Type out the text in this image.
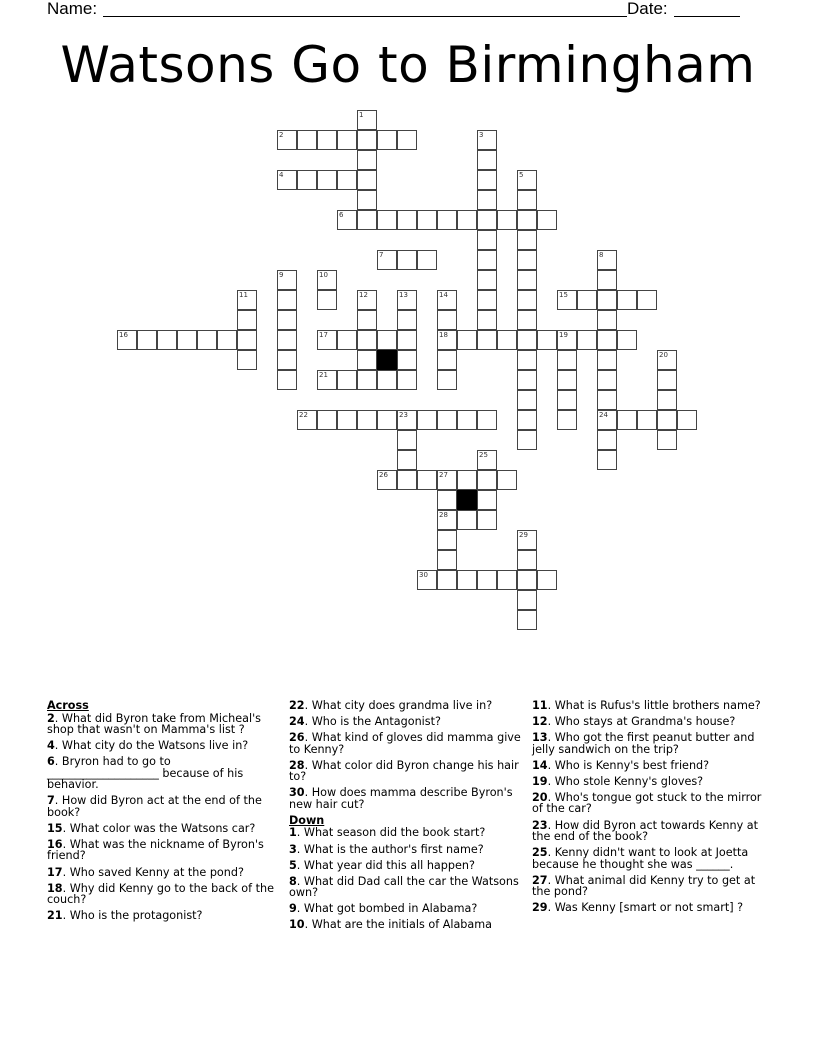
Name:	Date:
Watsons Go to Birmingham
1
2	3
4	5
6
7	8
24
9	10
11	12	13	14
18
15
16	17	19
20
21
22	23
25
26	27
28
29
30
Across
2. What did Byron take from Micheal's shop that wasn't on Mamma's list ?
4. What city do the Watsons live in?
6. Bryron had to go to ____________________ because of his behavior.
7. How did Byron act at the end of the book?
15. What color was the Watsons car?
16. What was the nickname of Byron's friend?
17. Who saved Kenny at the pond?
18. Why did Kenny go to the back of the couch?
21. Who is the protagonist?
22. What city does grandma live in?
24. Who is the Antagonist?
26. What kind of gloves did mamma give to Kenny?
28. What color did Byron change his hair to?
30. How does mamma describe Byron's new hair cut?
Down
1. What season did the book start?
3. What is the author's first name?
5. What year did this all happen?
8. What did Dad call the car the Watsons own?
9. What got bombed in Alabama?
10. What are the initials of Alabama
11. What is Rufus's little brothers name?
12. Who stays at Grandma's house?
13. Who got the first peanut butter and jelly sandwich on the trip?
14. Who is Kenny's best friend?
19. Who stole Kenny's gloves?
20. Who's tongue got stuck to the mirror of the car?
23. How did Byron act towards Kenny at the end of the book?
25. Kenny didn't want to look at Joetta because he thought she was ______.
27. What animal did Kenny try to get at the pond?
29. Was Kenny [smart or not smart] ?
